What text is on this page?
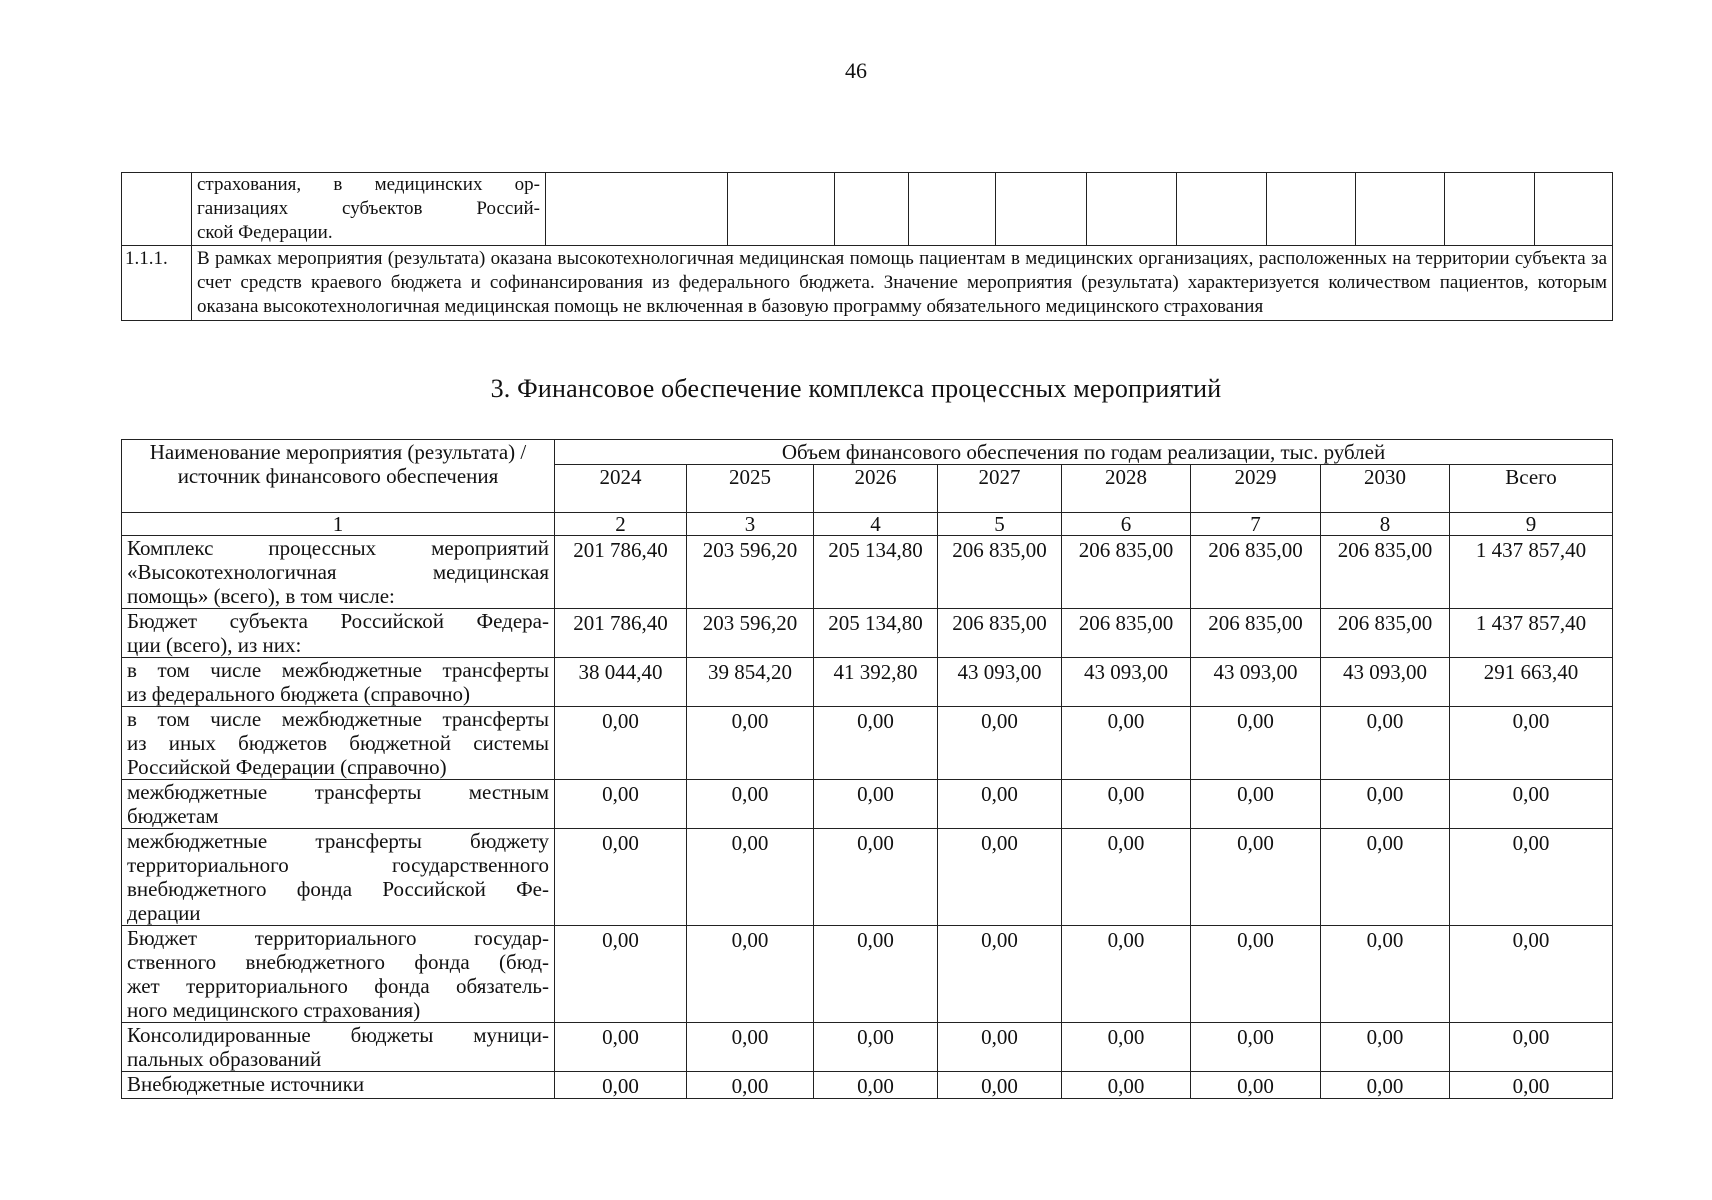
46

	страхования, в медицинских ор-
ганизациях субъектов Россий-
ской Федерации.											

1.1.1.	В рамках мероприятия (результата) оказана высокотехнологичная медицинская помощь пациентам в медицинских организациях, расположенных на территории субъекта за счет средств краевого бюджета и софинансирования из федерального бюджета. Значение мероприятия (результата) характеризуется количеством пациентов, которым оказана высокотехнологичная медицинская помощь не включенная в базовую программу обязательного медицинского страхования											
3. Финансовое обеспечение комплекса процессных мероприятий
Наименование мероприятия (результата) / источник финансового обеспечения	Объем финансового обеспечения по годам реализации, тыс. рублей							
	2024	2025	2026	2027	2028	2029	2030	Всего
1	2	3	4	5	6	7	8	9

Комплекс процессных мероприятий
«Высокотехнологичная медицинская
помощь» (всего), в том числе:	201 786,40	203 596,20	205 134,80	206 835,00	206 835,00	206 835,00	206 835,00	1 437 857,40

Бюджет субъекта Российской Федера-
ции (всего), из них:	201 786,40	203 596,20	205 134,80	206 835,00	206 835,00	206 835,00	206 835,00	1 437 857,40

в том числе межбюджетные трансферты
из федерального бюджета (справочно)	38 044,40	39 854,20	41 392,80	43 093,00	43 093,00	43 093,00	43 093,00	291 663,40

в том числе межбюджетные трансферты
из иных бюджетов бюджетной системы
Российской Федерации (справочно)	0,00	0,00	0,00	0,00	0,00	0,00	0,00	0,00

межбюджетные трансферты местным
бюджетам	0,00	0,00	0,00	0,00	0,00	0,00	0,00	0,00

межбюджетные трансферты бюджету
территориального государственного
внебюджетного фонда Российской Фе-
дерации	0,00	0,00	0,00	0,00	0,00	0,00	0,00	0,00

Бюджет территориального государ-
ственного внебюджетного фонда (бюд-
жет территориального фонда обязатель-
ного медицинского страхования)	0,00	0,00	0,00	0,00	0,00	0,00	0,00	0,00

Консолидированные бюджеты муници-
пальных образований	0,00	0,00	0,00	0,00	0,00	0,00	0,00	0,00

Внебюджетные источники	0,00	0,00	0,00	0,00	0,00	0,00	0,00	0,00
